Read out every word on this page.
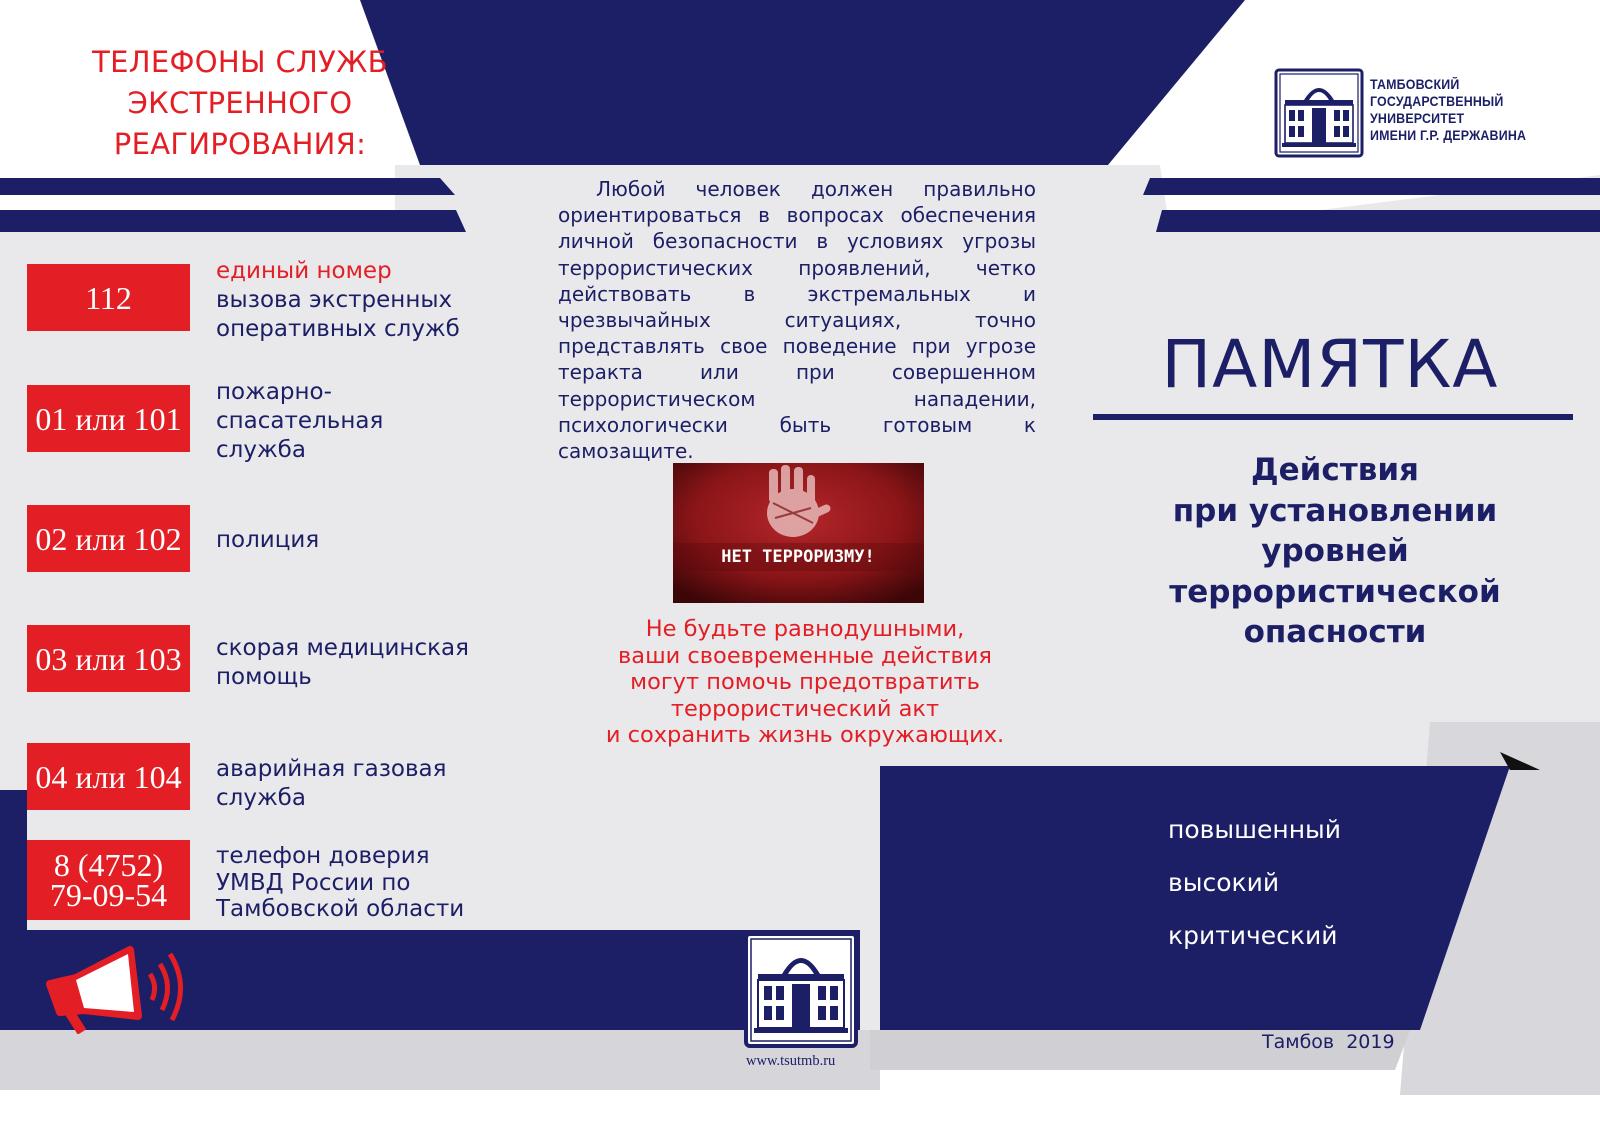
ТЕЛЕФОНЫ СЛУЖБ
ЭКСТРЕННОГО
РЕАГИРОВАНИЯ:
112
единый номер
вызова экстренных
оперативных служб
01 или 101
пожарно-
спасательная
служба
02 или 102 полиция
03 или 103 скорая медицинская
помощь
04 или 104 аварийная газовая
служба
8 (4752)
79-09-54
телефон доверия
УМВД России по
Тамбовской области

Любой человек должен правильно ориентироваться в вопросах обеспечения личной безопасности в условиях угрозы террористических проявлений, четко действовать в экстремальных и чрезвычайных ситуациях, точно представлять свое поведение при угрозе теракта или при совершенном террористическом нападении, психологически быть готовым к самозащите.

НЕТ ТЕРРОРИЗМУ!
Не будьте равнодушными,
ваши своевременные действия
могут помочь предотвратить
террористический акт
и сохранить жизнь окружающих.
www.tsutmb.ru
ТАМБОВСКИЙ
ГОСУДАРСТВЕННЫЙ
УНИВЕРСИТЕТ
ИМЕНИ Г.Р. ДЕРЖАВИНА
ПАМЯТКА
Действия
при установлении
уровней
террористической
опасности
повышенный
высокий
критический
Тамбов  2019
